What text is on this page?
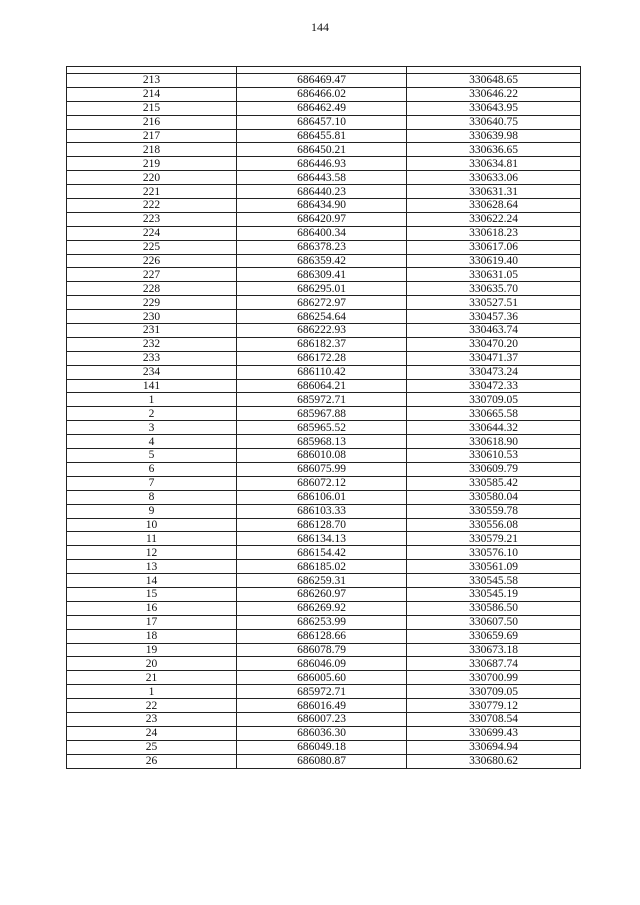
144

213	686469.47	330648.65
214	686466.02	330646.22
215	686462.49	330643.95
216	686457.10	330640.75
217	686455.81	330639.98
218	686450.21	330636.65
219	686446.93	330634.81
220	686443.58	330633.06
221	686440.23	330631.31
222	686434.90	330628.64
223	686420.97	330622.24
224	686400.34	330618.23
225	686378.23	330617.06
226	686359.42	330619.40
227	686309.41	330631.05
228	686295.01	330635.70
229	686272.97	330527.51
230	686254.64	330457.36
231	686222.93	330463.74
232	686182.37	330470.20
233	686172.28	330471.37
234	686110.42	330473.24
141	686064.21	330472.33
1	685972.71	330709.05
2	685967.88	330665.58
3	685965.52	330644.32
4	685968.13	330618.90
5	686010.08	330610.53
6	686075.99	330609.79
7	686072.12	330585.42
8	686106.01	330580.04
9	686103.33	330559.78
10	686128.70	330556.08
11	686134.13	330579.21
12	686154.42	330576.10
13	686185.02	330561.09
14	686259.31	330545.58
15	686260.97	330545.19
16	686269.92	330586.50
17	686253.99	330607.50
18	686128.66	330659.69
19	686078.79	330673.18
20	686046.09	330687.74
21	686005.60	330700.99
1	685972.71	330709.05
22	686016.49	330779.12
23	686007.23	330708.54
24	686036.30	330699.43
25	686049.18	330694.94
26	686080.87	330680.62
